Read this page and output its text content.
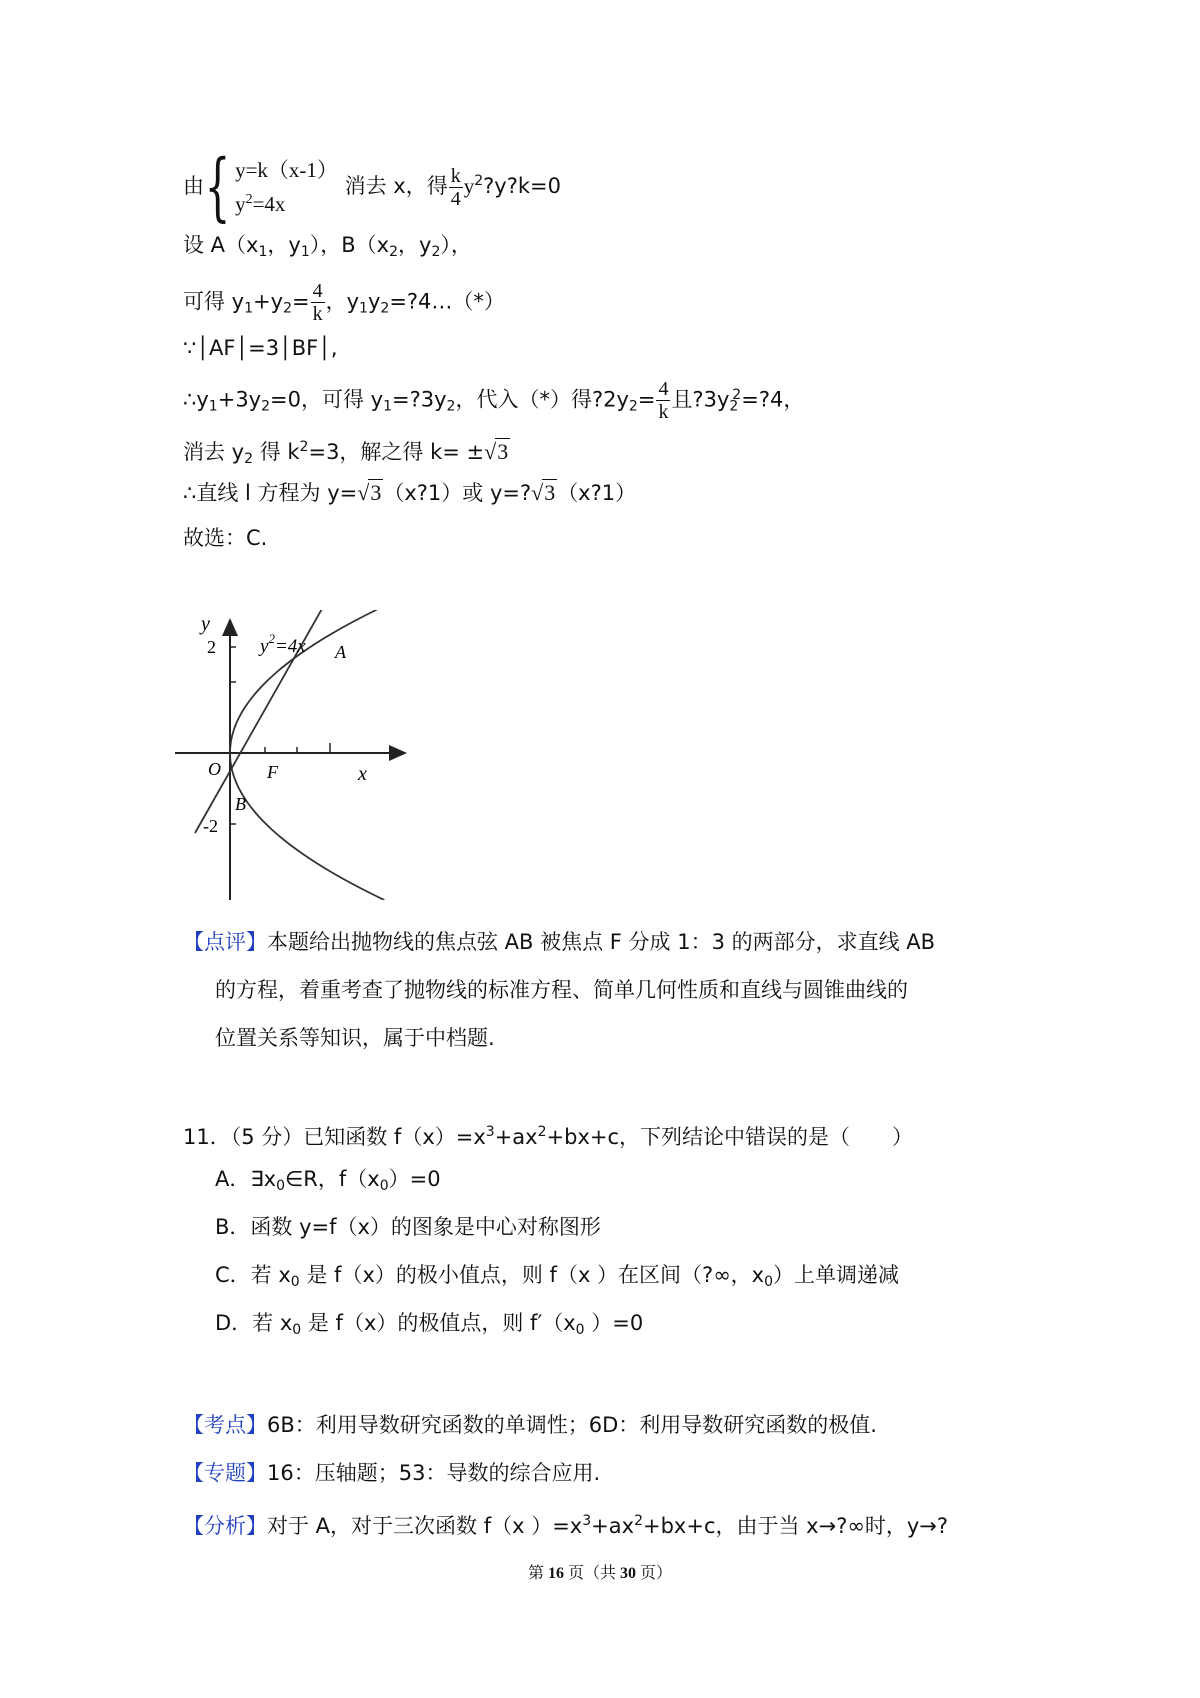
由 { y=k（x-1）
$y^2=4x$
消去 x，得 $\frac{k}{4}$ $y^2?y?k=0$
设 $A(x_1$，$y_1$），$B(x_2$，$y_2$），
可得 $y_1+y_2= \frac{4}{k}$ ，$y_1y_2=?4\dots(*)$
∵│AF│=3│BF│,
$\therefore y_1+3y_2=0$，可得 $y_1=?3y_2$，代入（*）得$?2y_2= \frac{4}{k}$ 且$?3y_2^2=?4$，
消去 $y_2$ 得 $k^2=3$，解之得 k= ±√3
∴直线 l 方程为 y=√3（x?1）或 y=?√3（x?1）
故选：C.
y
x
$y^2=4x$ A
B
F
O
2
-2
【点评】本题给出抛物线的焦点弦 AB 被焦点 F 分成 1：3 的两部分，求直线 AB
的方程，着重考查了抛物线的标准方程、简单几何性质和直线与圆锥曲线的
位置关系等知识，属于中档题.
11．（5 分）已知函数 $f(x)=x^3+ax^2+bx+c$，下列结论中错误的是（　　）
A．$\exists x_0\in R$，$f(x_0)=0$
B．函数 y=f（x）的图象是中心对称图形
C．若 $x_0$ 是 f（x）的极小值点，则 f（x ）在区间（?∞，$x_0$）上单调递减
D．若 $x_0$ 是 f（x）的极值点，则 $f'(x_0$ ）=0
【考点】6B：利用导数研究函数的单调性；6D：利用导数研究函数的极值.
【专题】16：压轴题；53：导数的综合应用.
【分析】对于 A，对于三次函数 f（x ）$=x^3+ax^2+bx+c$，由于当 x→?∞时，y→?
第 16 页（共 30 页）
